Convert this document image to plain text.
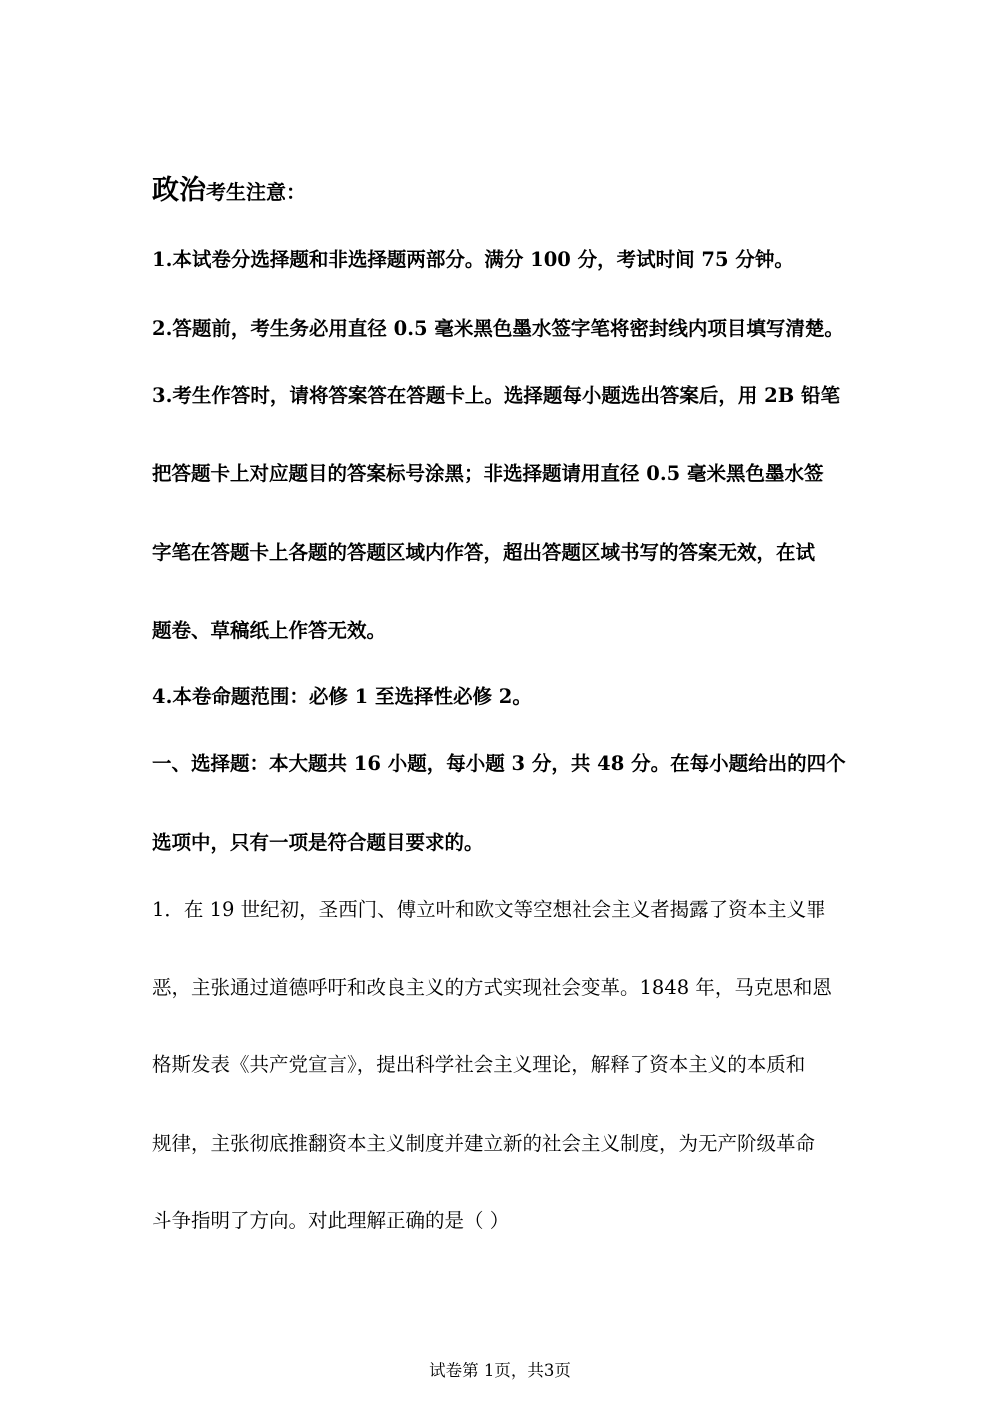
政治考生注意：

1.本试卷分选择题和非选择题两部分。满分 100 分，考试时间 75 分钟。

2.答题前，考生务必用直径 0.5 毫米黑色墨水签字笔将密封线内项目填写清楚。

3.考生作答时，请将答案答在答题卡上。选择题每小题选出答案后，用 2B 铅笔

把答题卡上对应题目的答案标号涂黑；非选择题请用直径 0.5 毫米黑色墨水签

字笔在答题卡上各题的答题区域内作答，超出答题区域书写的答案无效，在试

题卷、草稿纸上作答无效。

4.本卷命题范围：必修 1 至选择性必修 2。

一、选择题：本大题共 16 小题，每小题 3 分，共 48 分。在每小题给出的四个

选项中，只有一项是符合题目要求的。

1．在 19 世纪初，圣西门、傅立叶和欧文等空想社会主义者揭露了资本主义罪

恶，主张通过道德呼吁和改良主义的方式实现社会变革。1848 年，马克思和恩

格斯发表《共产党宣言》，提出科学社会主义理论，解释了资本主义的本质和

规律，主张彻底推翻资本主义制度并建立新的社会主义制度，为无产阶级革命

斗争指明了方向。对此理解正确的是（ ）

试卷第 1页，共3页
